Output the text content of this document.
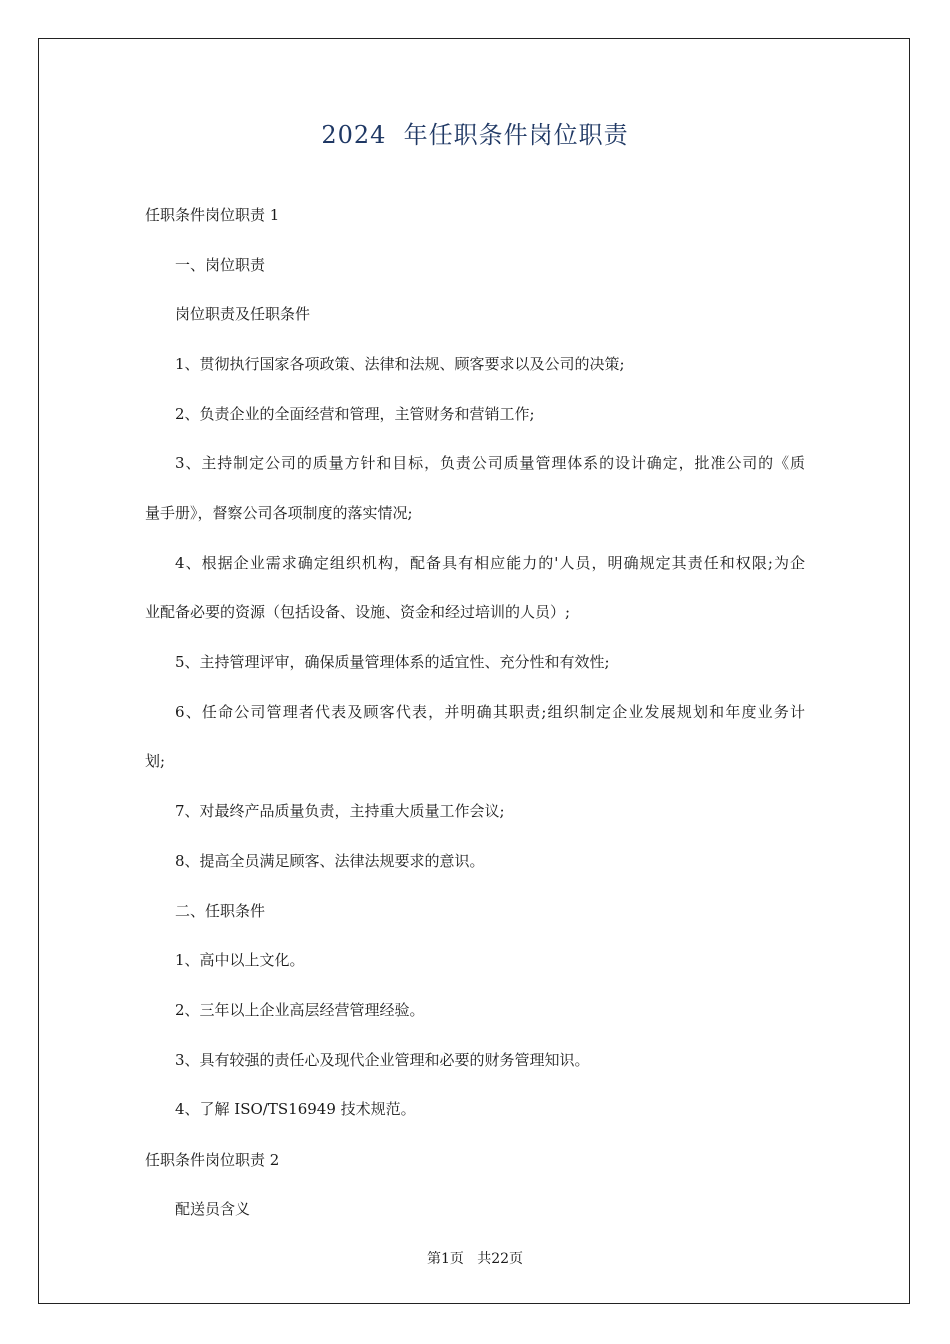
2024  年任职条件岗位职责
任职条件岗位职责 1
一、岗位职责
岗位职责及任职条件
1、贯彻执行国家各项政策、法律和法规、顾客要求以及公司的决策;
2、负责企业的全面经营和管理，主管财务和营销工作;
3、主持制定公司的质量方针和目标，负责公司质量管理体系的设计确定，批准公司的《质
量手册》，督察公司各项制度的落实情况;
4、根据企业需求确定组织机构，配备具有相应能力的'人员，明确规定其责任和权限;为企
业配备必要的资源（包括设备、设施、资金和经过培训的人员）;
5、主持管理评审，确保质量管理体系的适宜性、充分性和有效性;
6、任命公司管理者代表及顾客代表，并明确其职责;组织制定企业发展规划和年度业务计
划;
7、对最终产品质量负责，主持重大质量工作会议;
8、提高全员满足顾客、法律法规要求的意识。
二、任职条件
1、高中以上文化。
2、三年以上企业高层经营管理经验。
3、具有较强的责任心及现代企业管理和必要的财务管理知识。
4、了解 ISO/TS16949 技术规范。
任职条件岗位职责 2
配送员含义
第1页   共22页
